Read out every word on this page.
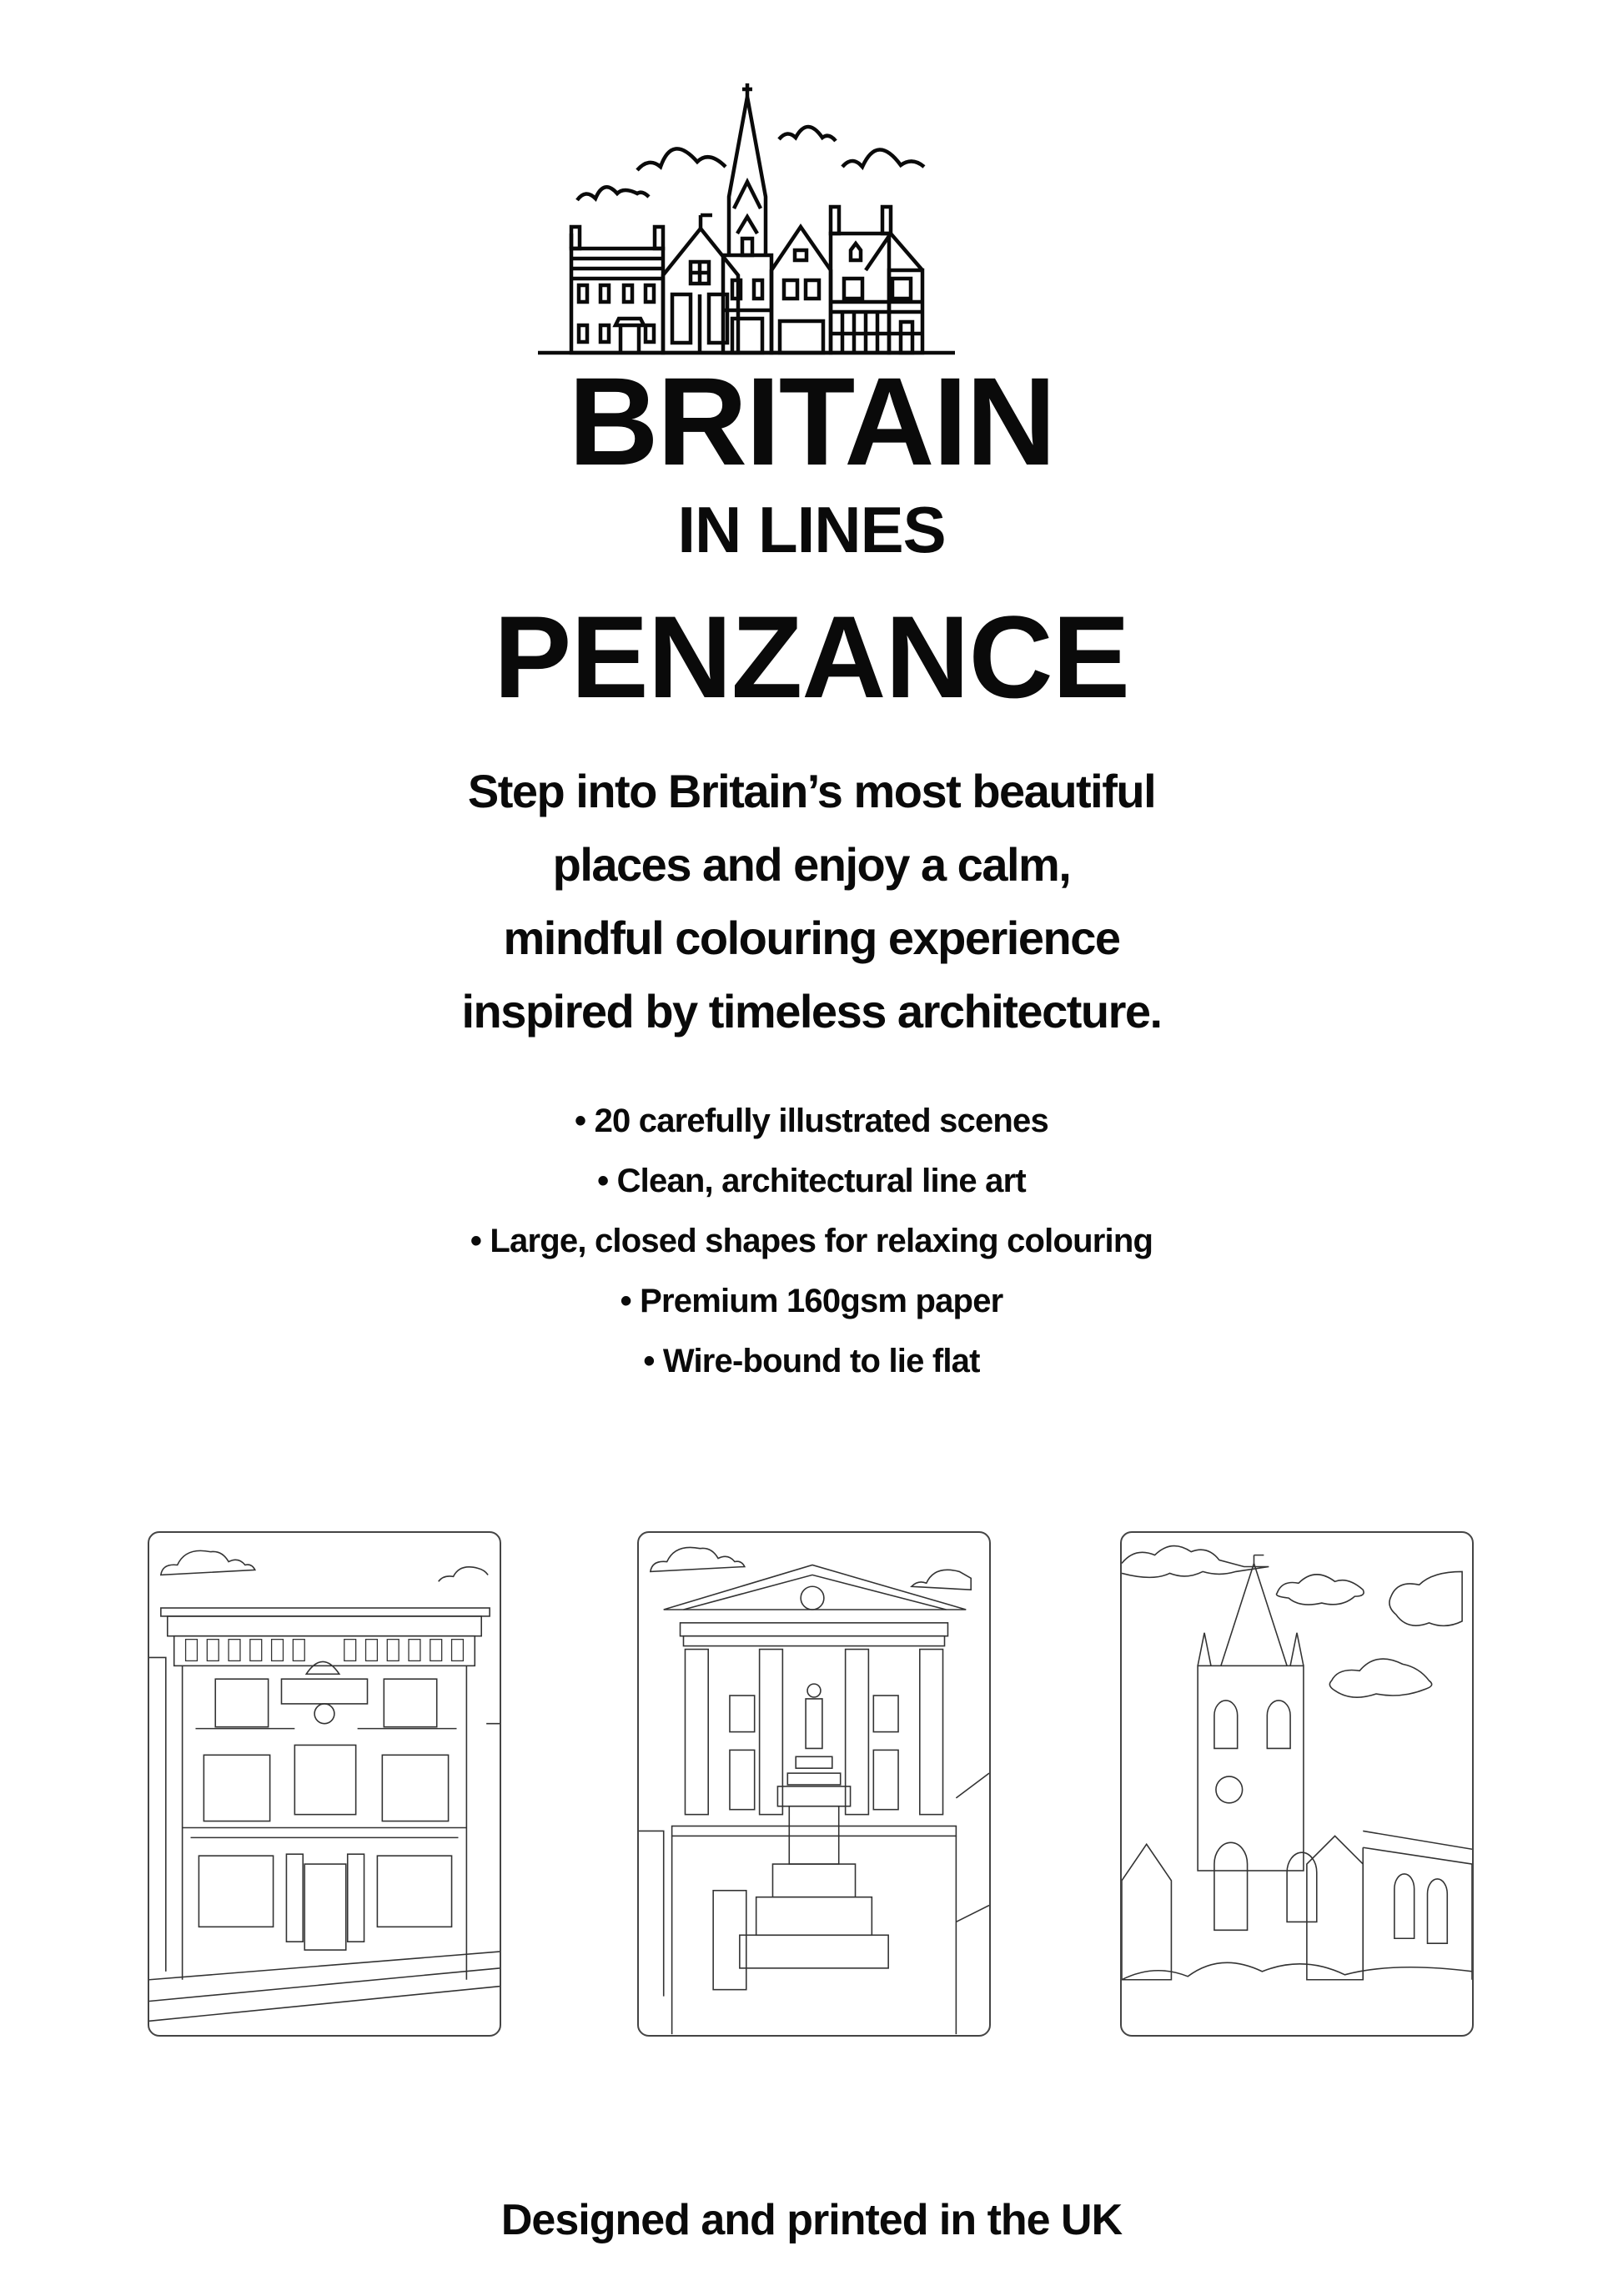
BRITAIN
IN LINES
PENZANCE
Step into Britain’s most beautiful
places and enjoy a calm,
mindful colouring experience
inspired by timeless architecture.
• 20 carefully illustrated scenes
• Clean, architectural line art
• Large, closed shapes for relaxing colouring
• Premium 160gsm paper
• Wire-bound to lie flat
Designed and printed in the UK
